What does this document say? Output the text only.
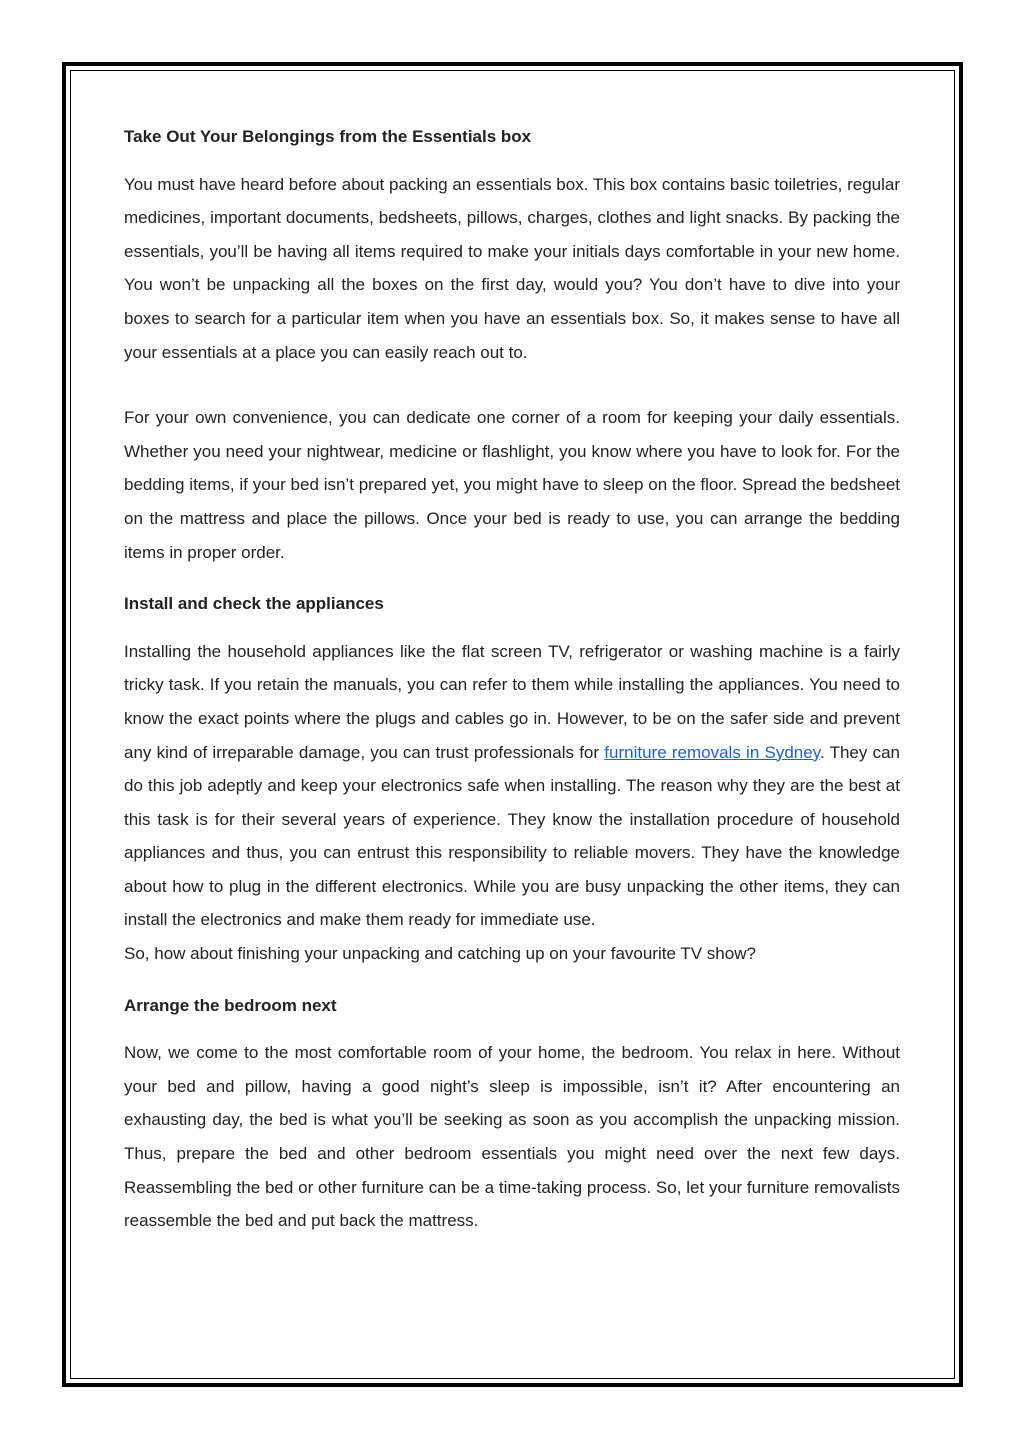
Take Out Your Belongings from the Essentials box

You must have heard before about packing an essentials box. This box contains basic toiletries, regular medicines, important documents, bedsheets, pillows, charges, clothes and light snacks. By packing the essentials, you’ll be having all items required to make your initials days comfortable in your new home. You won’t be unpacking all the boxes on the first day, would you? You don’t have to dive into your boxes to search for a particular item when you have an essentials box. So, it makes sense to have all your essentials at a place you can easily reach out to.

For your own convenience, you can dedicate one corner of a room for keeping your daily essentials. Whether you need your nightwear, medicine or flashlight, you know where you have to look for. For the bedding items, if your bed isn’t prepared yet, you might have to sleep on the floor. Spread the bedsheet on the mattress and place the pillows. Once your bed is ready to use, you can arrange the bedding items in proper order.

Install and check the appliances

Installing the household appliances like the flat screen TV, refrigerator or washing machine is a fairly tricky task. If you retain the manuals, you can refer to them while installing the appliances. You need to know the exact points where the plugs and cables go in. However, to be on the safer side and prevent any kind of irreparable damage, you can trust professionals for furniture removals in Sydney. They can do this job adeptly and keep your electronics safe when installing. The reason why they are the best at this task is for their several years of experience. They know the installation procedure of household appliances and thus, you can entrust this responsibility to reliable movers. They have the knowledge about how to plug in the different electronics. While you are busy unpacking the other items, they can install the electronics and make them ready for immediate use.

So, how about finishing your unpacking and catching up on your favourite TV show?

Arrange the bedroom next

Now, we come to the most comfortable room of your home, the bedroom. You relax in here. Without your bed and pillow, having a good night’s sleep is impossible, isn’t it? After encountering an exhausting day, the bed is what you’ll be seeking as soon as you accomplish the unpacking mission. Thus, prepare the bed and other bedroom essentials you might need over the next few days. Reassembling the bed or other furniture can be a time-taking process. So, let your furniture removalists reassemble the bed and put back the mattress.
